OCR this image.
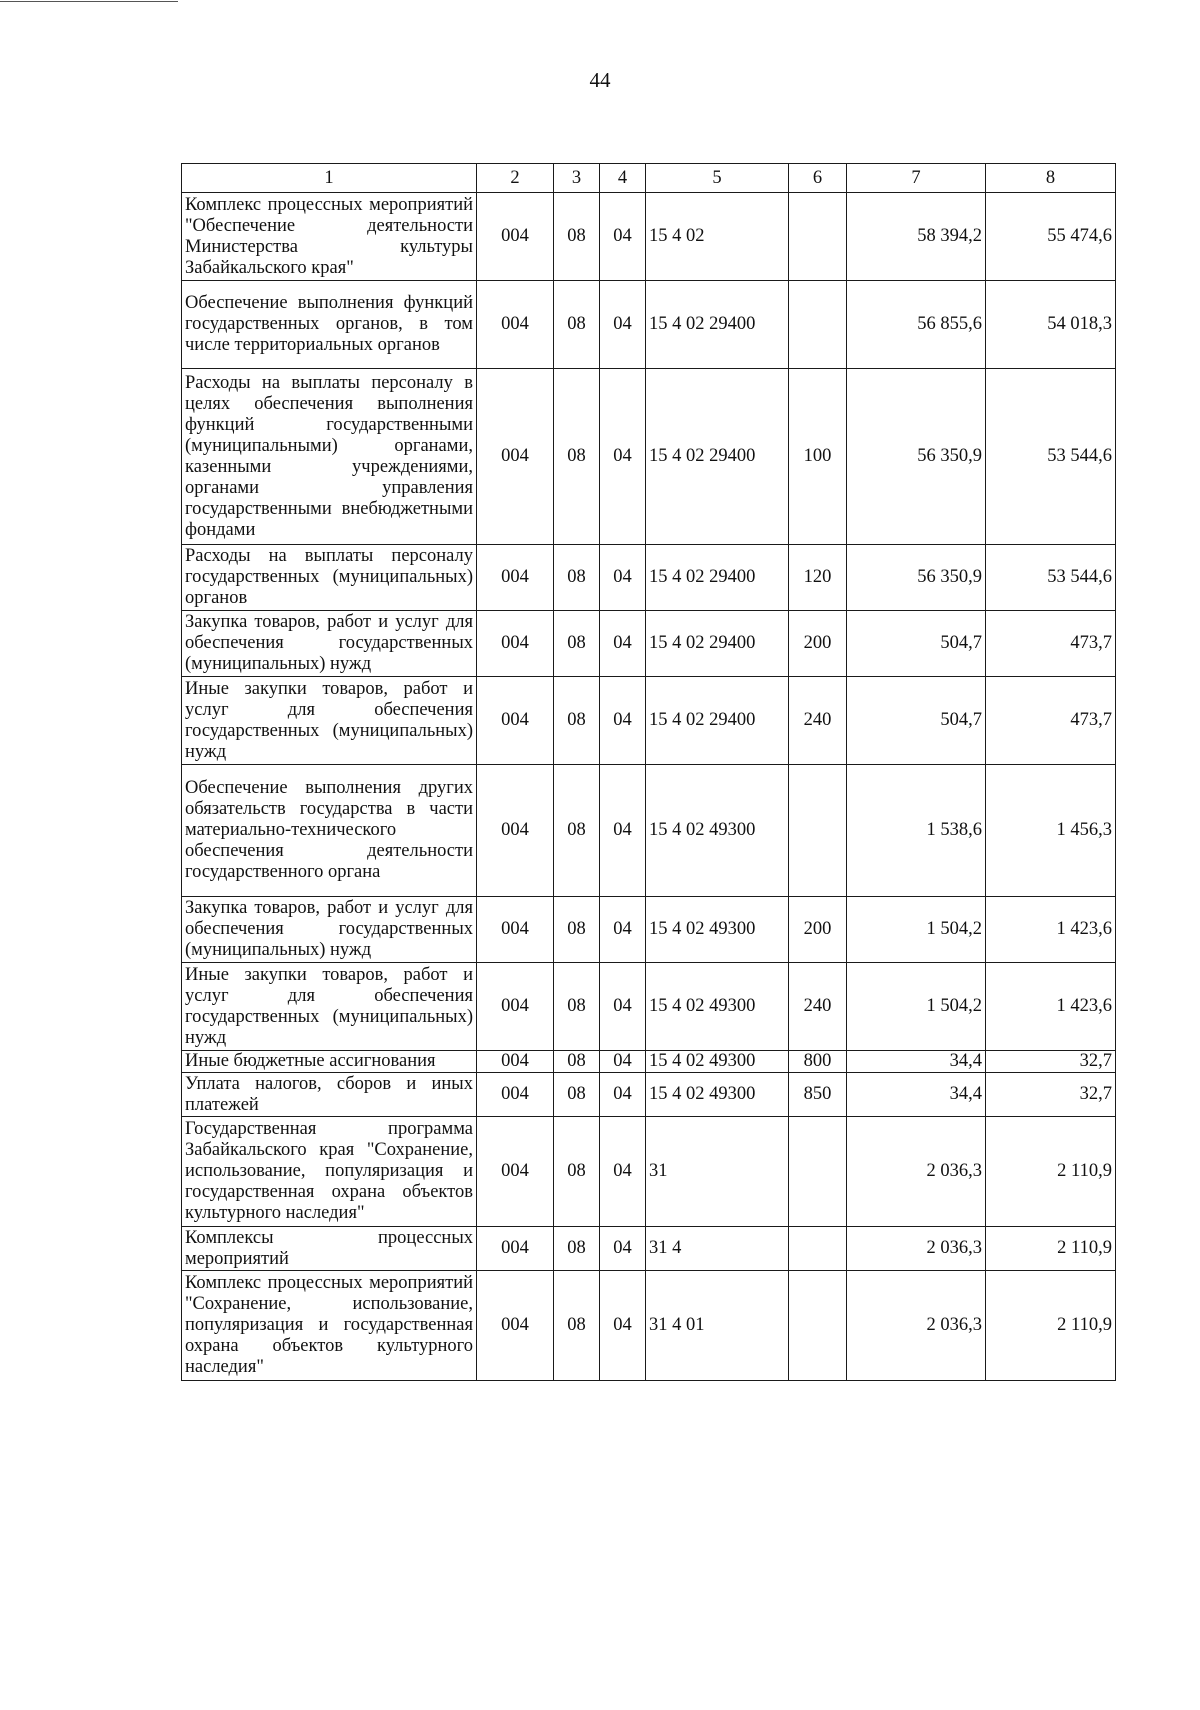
44
1	2	3	4	5	6	7	8
Комплекс процессных мероприятий "Обеспечение деятельности Министерства культуры Забайкальского края"	004	08	04	15 4 02		58 394,2	55 474,6
Обеспечение выполнения функций государственных органов, в том числе территориальных органов	004	08	04	15 4 02 29400		56 855,6	54 018,3
Расходы на выплаты персоналу в целях обеспечения выполнения функций государственными (муниципальными) органами, казенными учреждениями, органами управления государственными внебюджетными фондами	004	08	04	15 4 02 29400	100	56 350,9	53 544,6
Расходы на выплаты персоналу государственных (муниципальных) органов	004	08	04	15 4 02 29400	120	56 350,9	53 544,6
Закупка товаров, работ и услуг для обеспечения государственных (муниципальных) нужд	004	08	04	15 4 02 29400	200	504,7	473,7
Иные закупки товаров, работ и услуг для обеспечения государственных (муниципальных) нужд	004	08	04	15 4 02 29400	240	504,7	473,7
Обеспечение выполнения других обязательств государства в части материально-технического обеспечения деятельности государственного органа	004	08	04	15 4 02 49300		1 538,6	1 456,3
Закупка товаров, работ и услуг для обеспечения государственных (муниципальных) нужд	004	08	04	15 4 02 49300	200	1 504,2	1 423,6
Иные закупки товаров, работ и услуг для обеспечения государственных (муниципальных) нужд	004	08	04	15 4 02 49300	240	1 504,2	1 423,6
Иные бюджетные ассигнования	004	08	04	15 4 02 49300	800	34,4	32,7
Уплата налогов, сборов и иных платежей	004	08	04	15 4 02 49300	850	34,4	32,7
Государственная программа Забайкальского края "Сохранение, использование, популяризация и государственная охрана объектов культурного наследия"	004	08	04	31		2 036,3	2 110,9
Комплексы процессных мероприятий	004	08	04	31 4		2 036,3	2 110,9
Комплекс процессных мероприятий "Сохранение, использование, популяризация и государственная охрана объектов культурного наследия"	004	08	04	31 4 01		2 036,3	2 110,9
